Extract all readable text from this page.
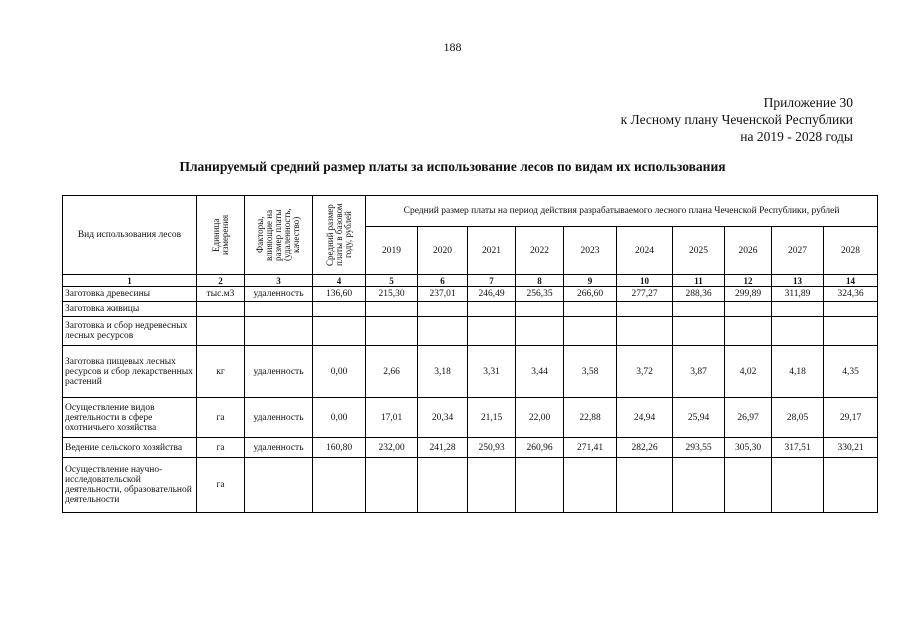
188
Приложение 30
к Лесному плану Чеченской Республики
на 2019 - 2028 годы
Планируемый средний размер платы за использование лесов по видам их использования
Вид использования лесов	Единица измерения	Факторы, влияющие на размер платы (удаленность, качество)	Средний размер платы в базовом году, рублей	Средний размер платы на период действия разрабатываемого лесного плана Чеченской Республики, рублей									
				2019	2020	2021	2022	2023	2024	2025	2026	2027	2028
1	2	3	4	5	6	7	8	9	10	11	12	13	14
Заготовка древесины	тыс.м3	удаленность	136,60	215,30	237,01	246,49	256,35	266,60	277,27	288,36	299,89	311,89	324,36
Заготовка живицы													
Заготовка и сбор недревесных лесных ресурсов													
Заготовка пищевых лесных ресурсов и сбор лекарственных растений	кг	удаленность	0,00	2,66	3,18	3,31	3,44	3,58	3,72	3,87	4,02	4,18	4,35
Осуществление видов деятельности в сфере охотничьего хозяйства	га	удаленность	0,00	17,01	20,34	21,15	22,00	22,88	24,94	25,94	26,97	28,05	29,17
Ведение сельского хозяйства	га	удаленность	160,80	232,00	241,28	250,93	260,96	271,41	282,26	293,55	305,30	317,51	330,21
Осуществление научно-исследовательской деятельности, образовательной деятельности	га												
